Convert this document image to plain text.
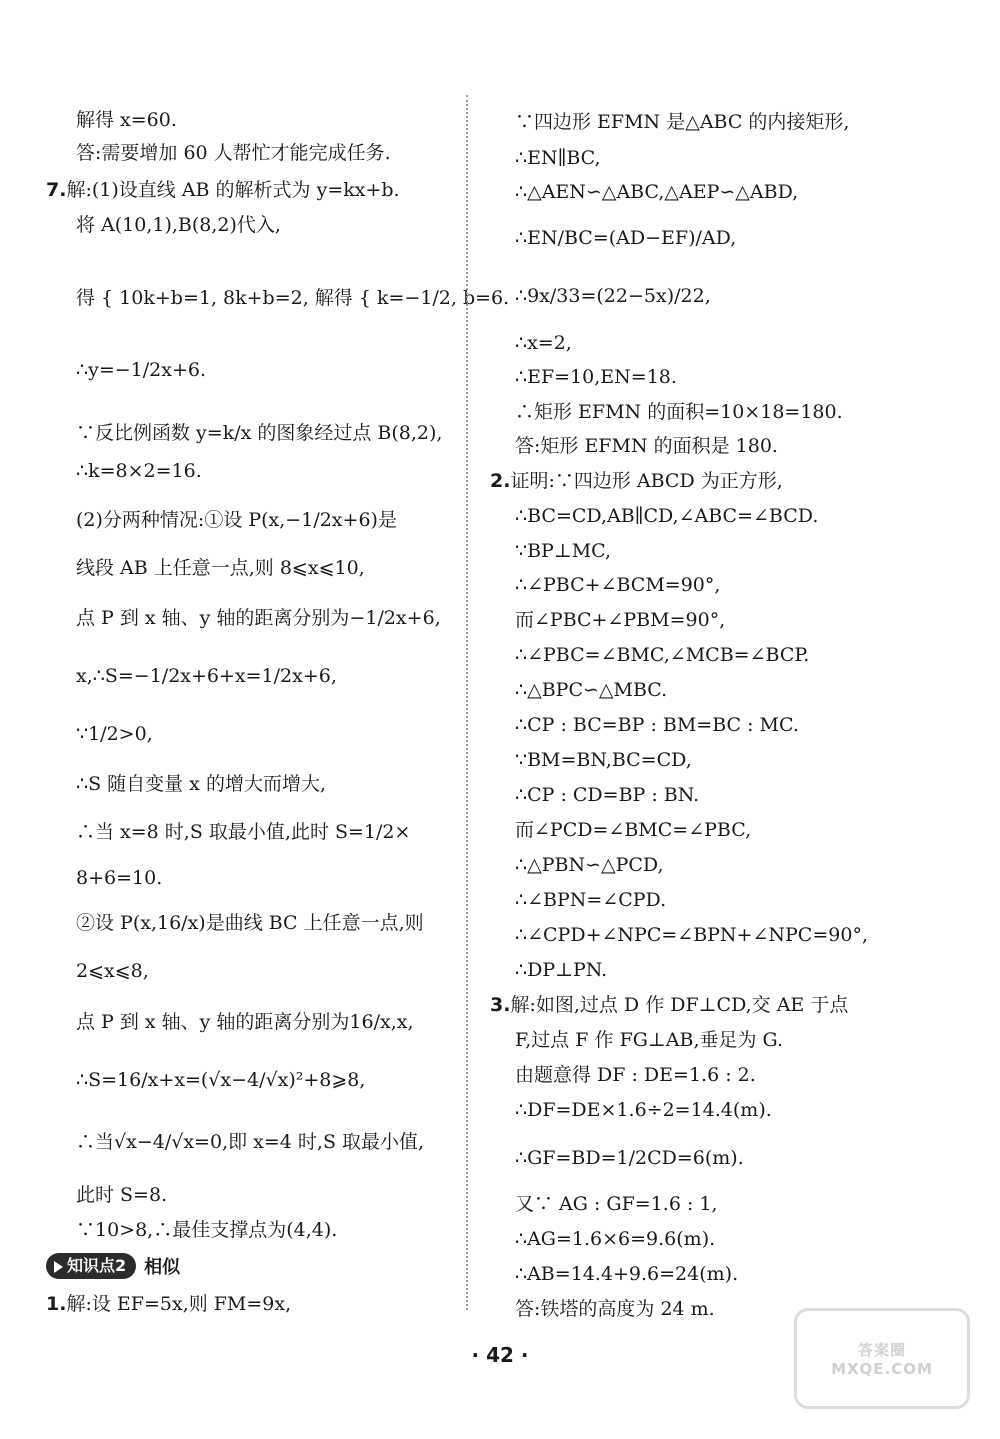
解得 x=60.
答:需要增加 60 人帮忙才能完成任务.
7.解:(1)设直线 AB 的解析式为 y=kx+b.
将 A(10,1),B(8,2)代入,
得 { 10k+b=1, 8k+b=2, 解得 { k=−1/2, b=6.
∴y=−1/2x+6.
∵反比例函数 y=k/x 的图象经过点 B(8,2),
∴k=8×2=16.
(2)分两种情况:①设 P(x,−1/2x+6)是
线段 AB 上任意一点,则 8⩽x⩽10,
点 P 到 x 轴、y 轴的距离分别为−1/2x+6,
x,∴S=−1/2x+6+x=1/2x+6,
∵1/2>0,
∴S 随自变量 x 的增大而增大,
∴当 x=8 时,S 取最小值,此时 S=1/2×
8+6=10.
②设 P(x,16/x)是曲线 BC 上任意一点,则
2⩽x⩽8,
点 P 到 x 轴、y 轴的距离分别为16/x,x,
∴S=16/x+x=(√x−4/√x)²+8⩾8,
∴当√x−4/√x=0,即 x=4 时,S 取最小值,
此时 S=8.
∵10>8,∴最佳支撑点为(4,4).
1.解:设 EF=5x,则 FM=9x,
∵四边形 EFMN 是△ABC 的内接矩形,
∴EN∥BC,
∴△AEN∽△ABC,△AEP∽△ABD,
∴EN/BC=(AD−EF)/AD,
∴9x/33=(22−5x)/22,
∴x=2,
∴EF=10,EN=18.
∴矩形 EFMN 的面积=10×18=180.
答:矩形 EFMN 的面积是 180.
2.证明:∵四边形 ABCD 为正方形,
∴BC=CD,AB∥CD,∠ABC=∠BCD.
∵BP⊥MC,
∴∠PBC+∠BCM=90°,
而∠PBC+∠PBM=90°,
∴∠PBC=∠BMC,∠MCB=∠BCP.
∴△BPC∽△MBC.
∴CP : BC=BP : BM=BC : MC.
∵BM=BN,BC=CD,
∴CP : CD=BP : BN.
而∠PCD=∠BMC=∠PBC,
∴△PBN∽△PCD,
∴∠BPN=∠CPD.
∴∠CPD+∠NPC=∠BPN+∠NPC=90°,
∴DP⊥PN.
3.解:如图,过点 D 作 DF⊥CD,交 AE 于点
F,过点 F 作 FG⊥AB,垂足为 G.
由题意得 DF : DE=1.6 : 2.
∴DF=DE×1.6÷2=14.4(m).
∴GF=BD=1/2CD=6(m).
又∵ AG : GF=1.6 : 1,
∴AG=1.6×6=9.6(m).
∴AB=14.4+9.6=24(m).
答:铁塔的高度为 24 m.
知识点2	相似
· 42 ·	答案圈 MXQE.COM
